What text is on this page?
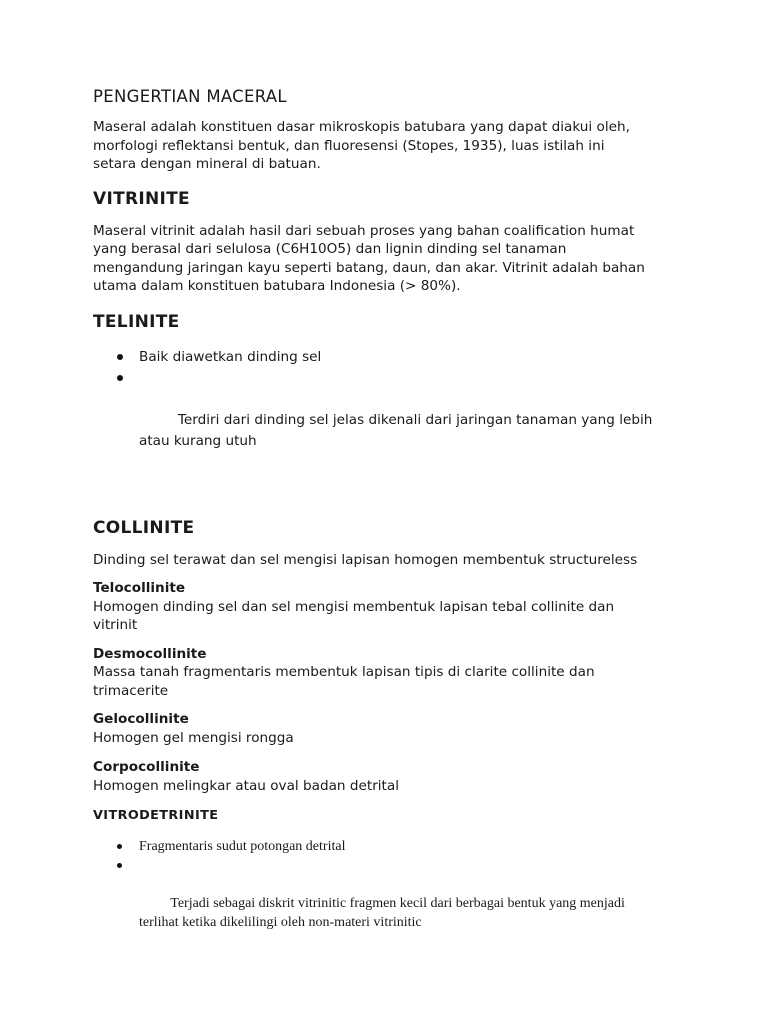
PENGERTIAN MACERAL

Maseral adalah konstituen dasar mikroskopis batubara yang dapat diakui oleh,
morfologi reflektansi bentuk, dan fluoresensi (Stopes, 1935), luas istilah ini
setara dengan mineral di batuan.

VITRINITE

Maseral vitrinit adalah hasil dari sebuah proses yang bahan coalification humat
yang berasal dari selulosa (C6H10O5) dan lignin dinding sel tanaman
mengandung jaringan kayu seperti batang, daun, dan akar. Vitrinit adalah bahan
utama dalam konstituen batubara Indonesia (> 80%).

TELINITE
Baik diawetkan dinding sel

Terdiri dari dinding sel jelas dikenali dari jaringan tanaman yang lebih
atau kurang utuh

COLLINITE

Dinding sel terawat dan sel mengisi lapisan homogen membentuk structureless

Telocollinite

Homogen dinding sel dan sel mengisi membentuk lapisan tebal collinite dan
vitrinit

Desmocollinite

Massa tanah fragmentaris membentuk lapisan tipis di clarite collinite dan
trimacerite

Gelocollinite

Homogen gel mengisi rongga

Corpocollinite

Homogen melingkar atau oval badan detrital

VITRODETRINITE
Fragmentaris sudut potongan detrital

Terjadi sebagai diskrit vitrinitic fragmen kecil dari berbagai bentuk yang menjadi
terlihat ketika dikelilingi oleh non-materi vitrinitic
